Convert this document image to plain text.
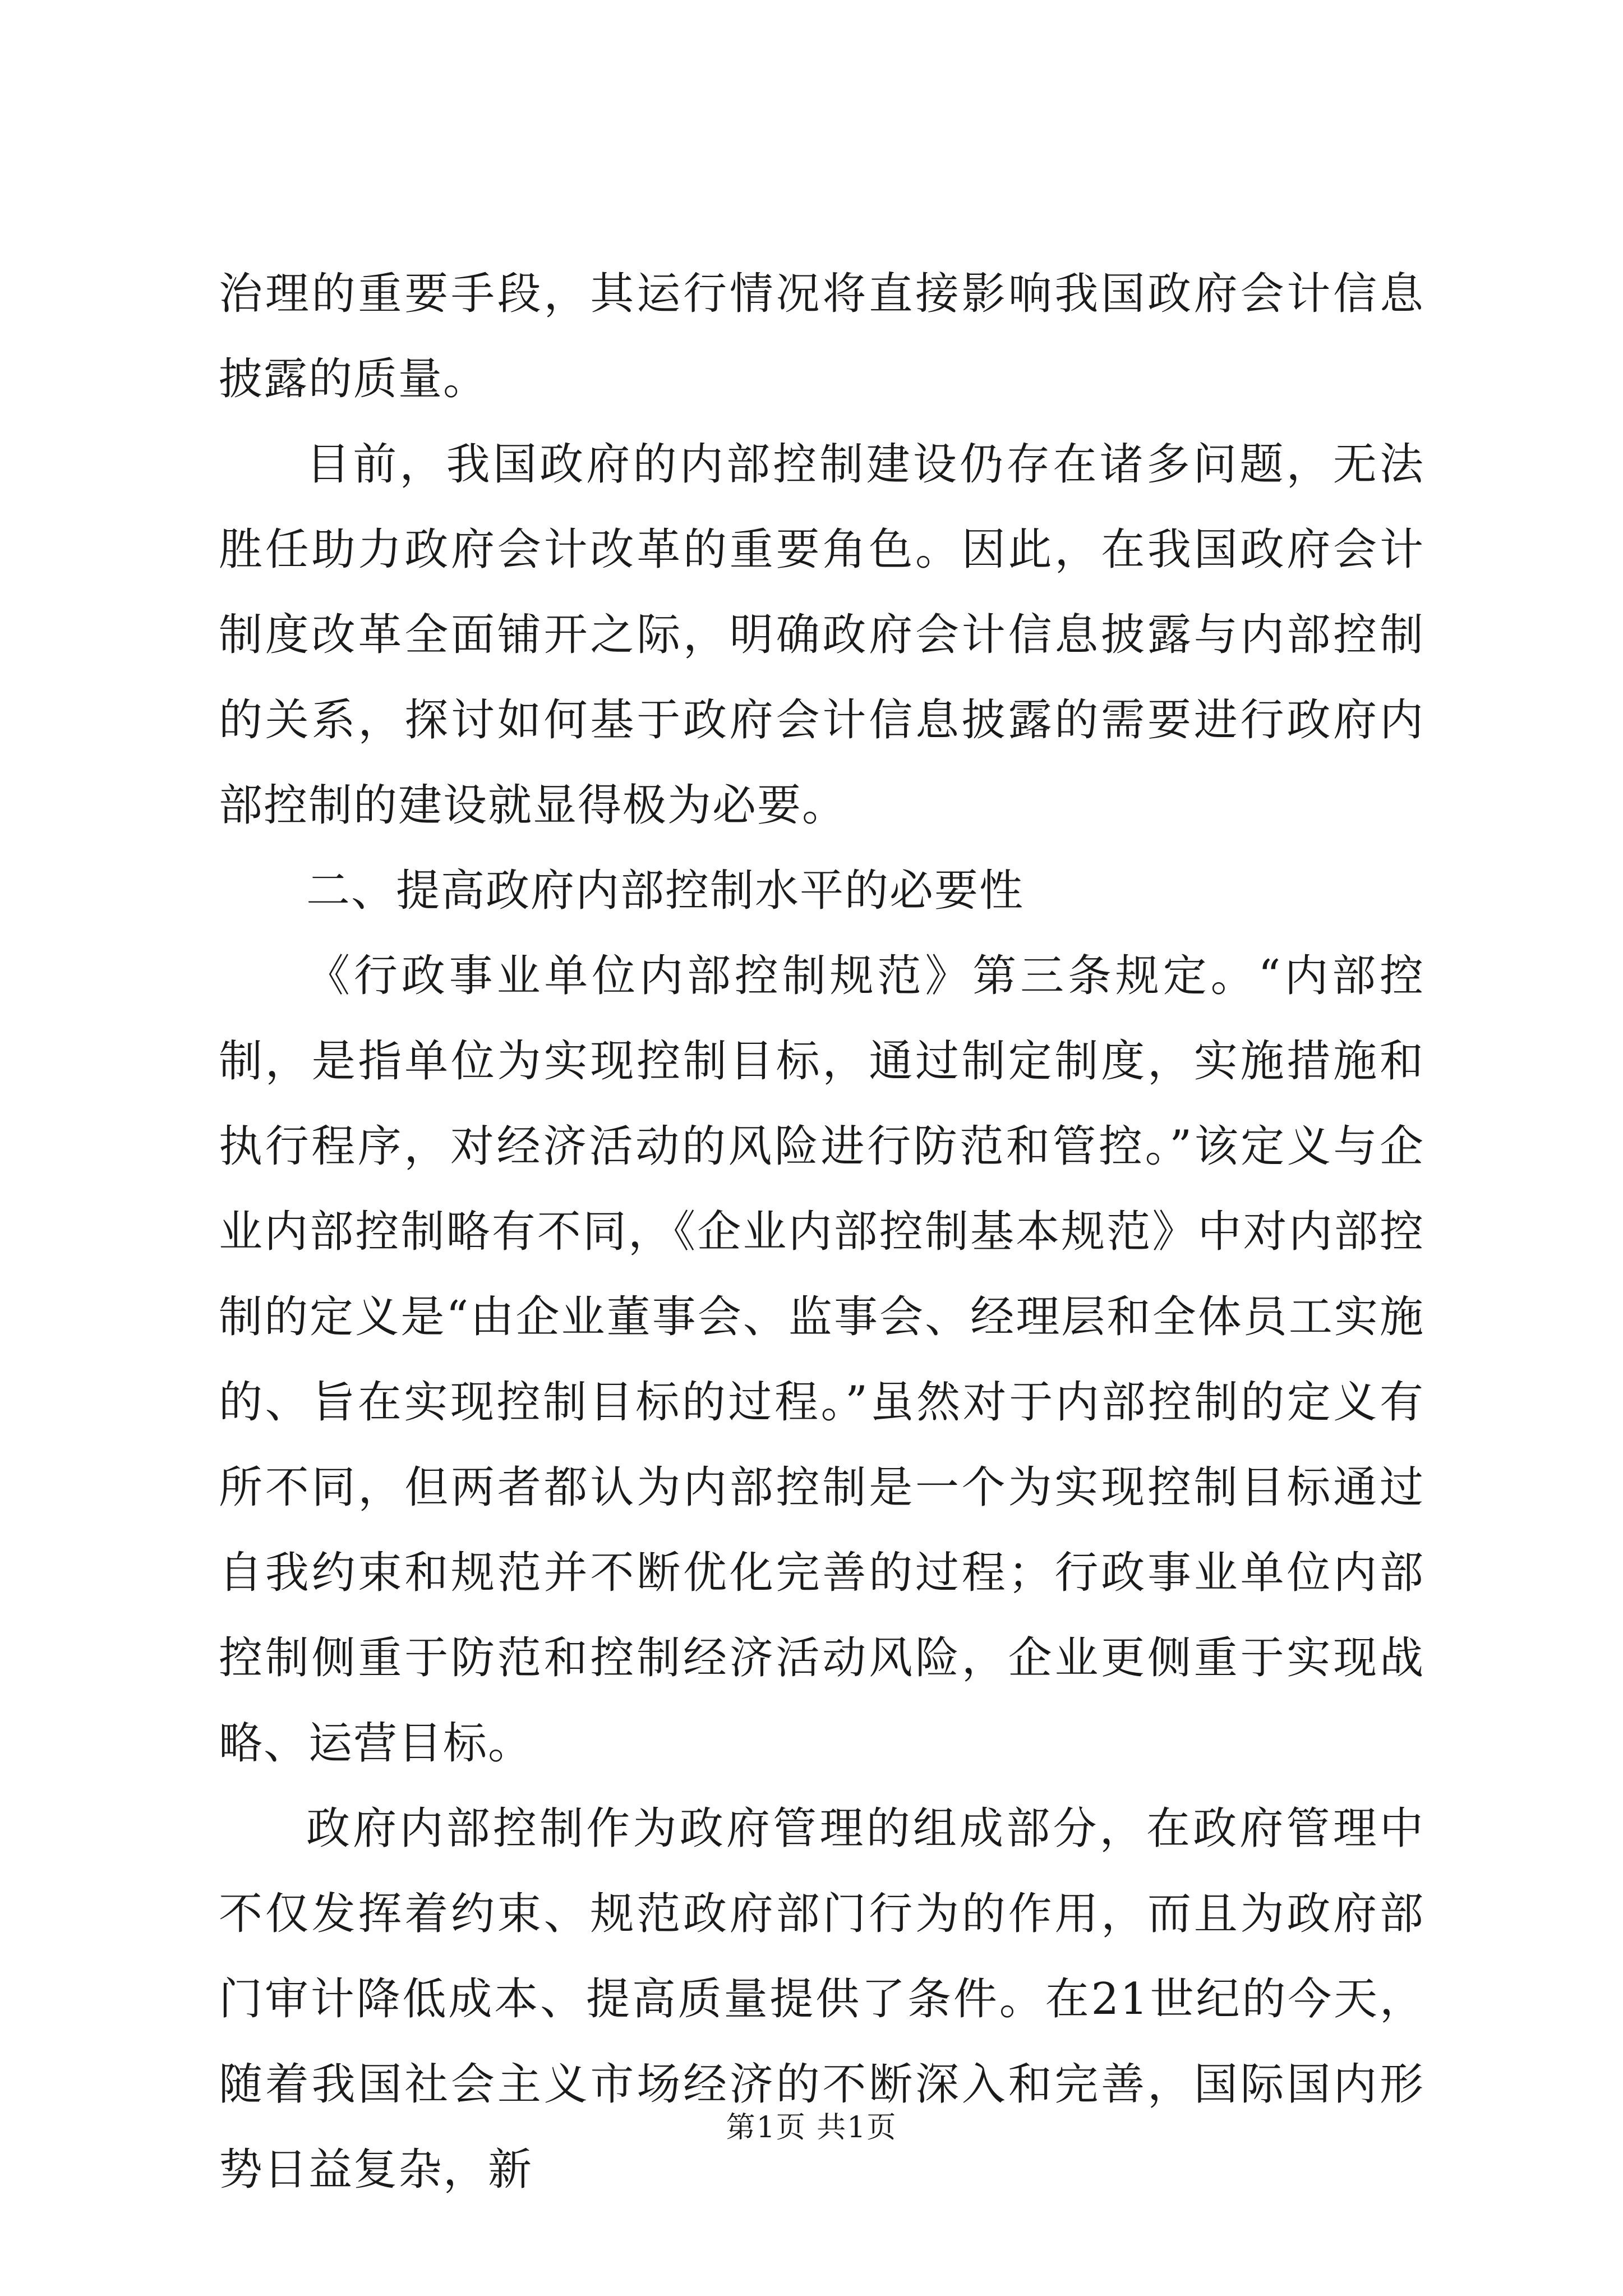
治理的重要手段，其运行情况将直接影响我国政府会计信息披露的质量。

目前，我国政府的内部控制建设仍存在诸多问题，无法胜任助力政府会计改革的重要角色。因此，在我国政府会计制度改革全面铺开之际，明确政府会计信息披露与内部控制的关系，探讨如何基于政府会计信息披露的需要进行政府内部控制的建设就显得极为必要。

二、提高政府内部控制水平的必要性

《行政事业单位内部控制规范》第三条规定。“内部控制，是指单位为实现控制目标，通过制定制度，实施措施和执行程序，对经济活动的风险进行防范和管控。”该定义与企业内部控制略有不同，《企业内部控制基本规范》中对内部控制的定义是“由企业董事会、监事会、经理层和全体员工实施的、旨在实现控制目标的过程。”虽然对于内部控制的定义有所不同，但两者都认为内部控制是一个为实现控制目标通过自我约束和规范并不断优化完善的过程；行政事业单位内部控制侧重于防范和控制经济活动风险，企业更侧重于实现战略、运营目标。

政府内部控制作为政府管理的组成部分，在政府管理中不仅发挥着约束、规范政府部门行为的作用，而且为政府部门审计降低成本、提高质量提供了条件。在21世纪的今天，随着我国社会主义市场经济的不断深入和完善，国际国内形势日益复杂，新

第1页 共1页
